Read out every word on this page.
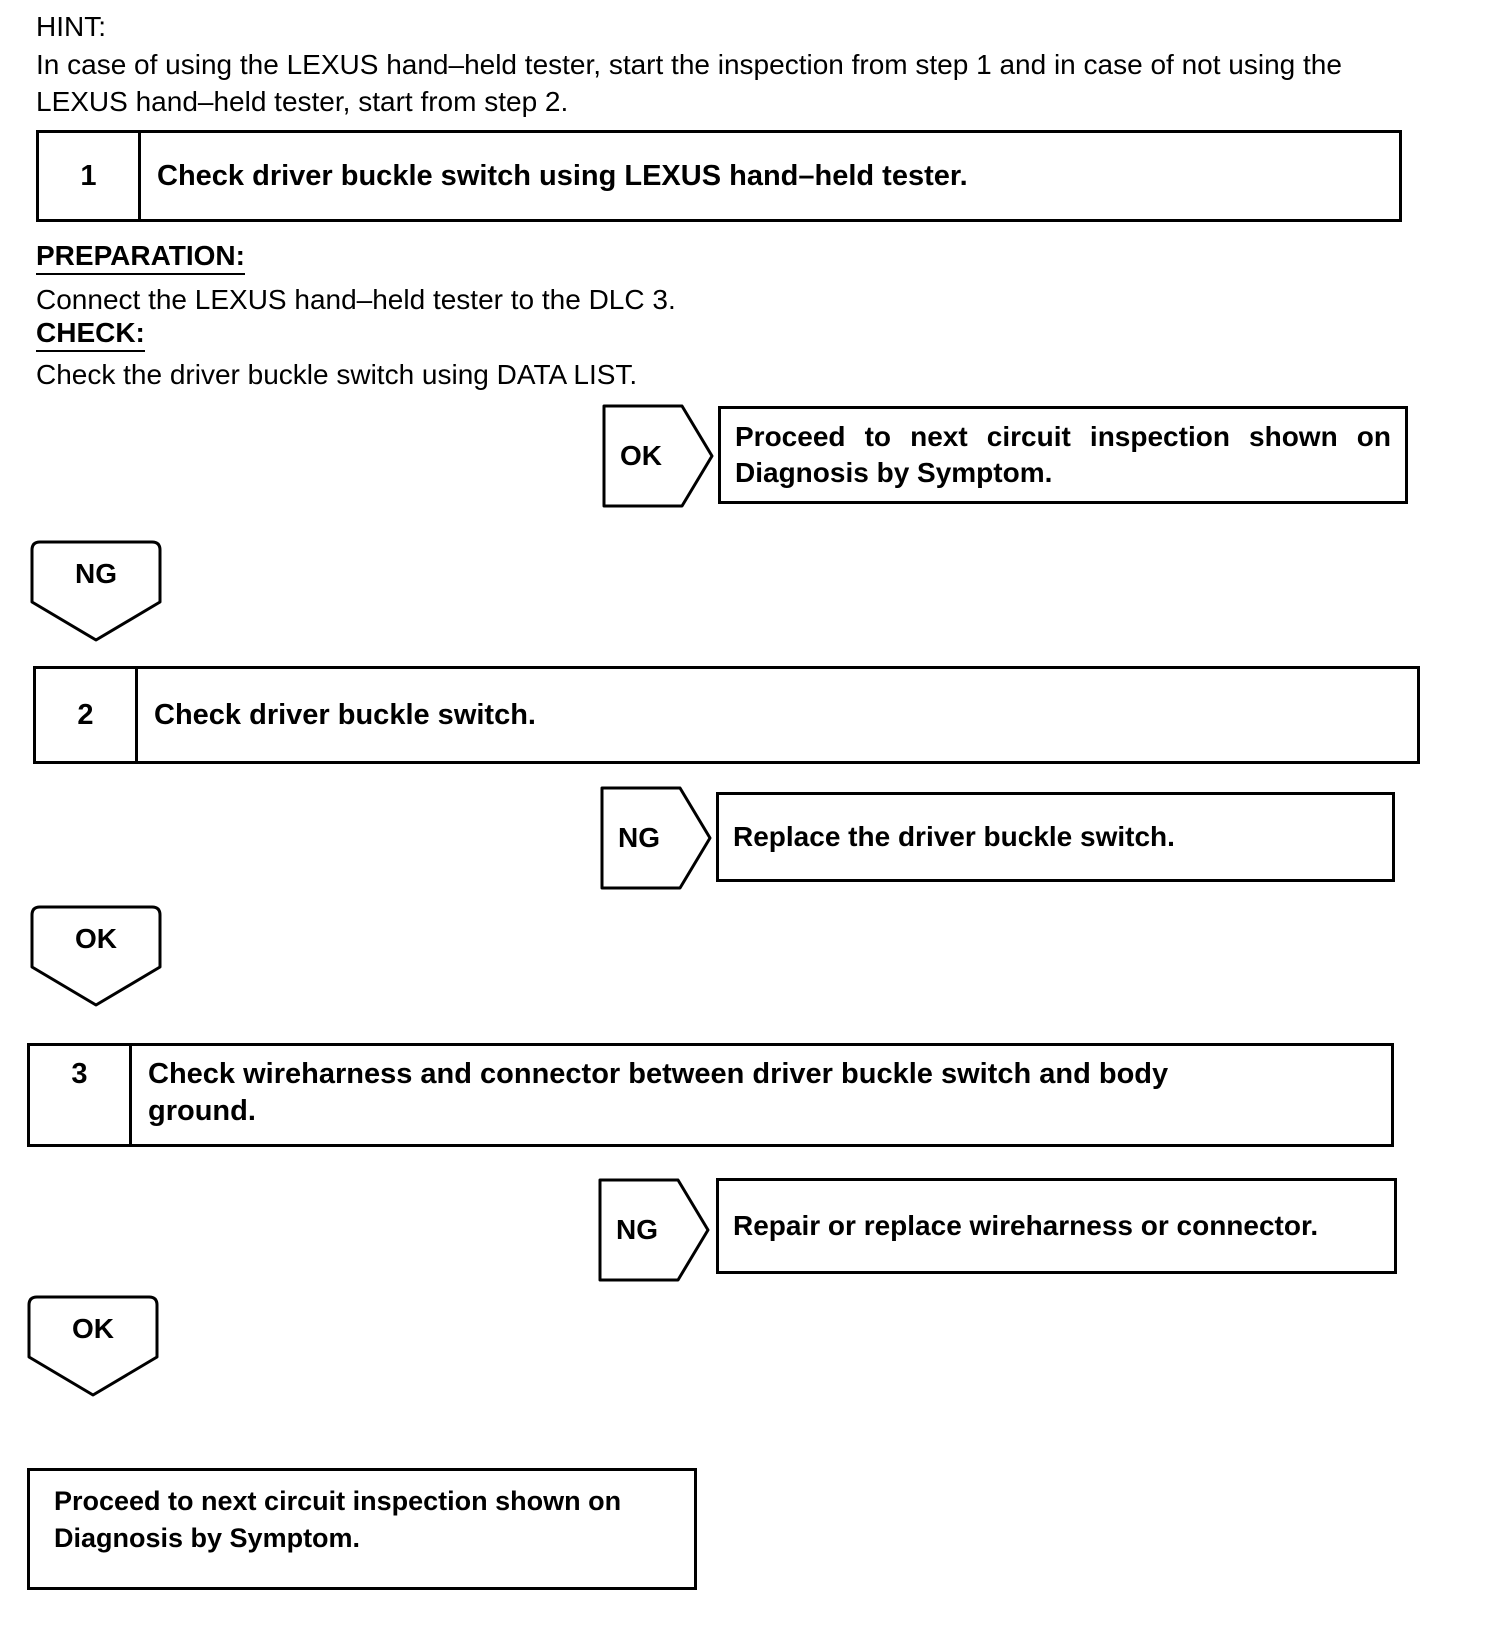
HINT:
In case of using the LEXUS hand–held tester, start the inspection from step 1 and in case of not using the LEXUS hand–held tester, start from step 2.
1	Check driver buckle switch using LEXUS hand–held tester.
PREPARATION:
Connect the LEXUS hand–held tester to the DLC 3.
CHECK:
Check the driver buckle switch using DATA LIST.
OK
Proceed to next circuit inspection shown on Diagnosis by Symptom.
NG
2	Check driver buckle switch.
NG	Replace the driver buckle switch.
OK
3	Check wireharness and connector between driver buckle switch and body ground.
NG	Repair or replace wireharness or connector.
OK
Proceed to next circuit inspection shown on Diagnosis by Symptom.
